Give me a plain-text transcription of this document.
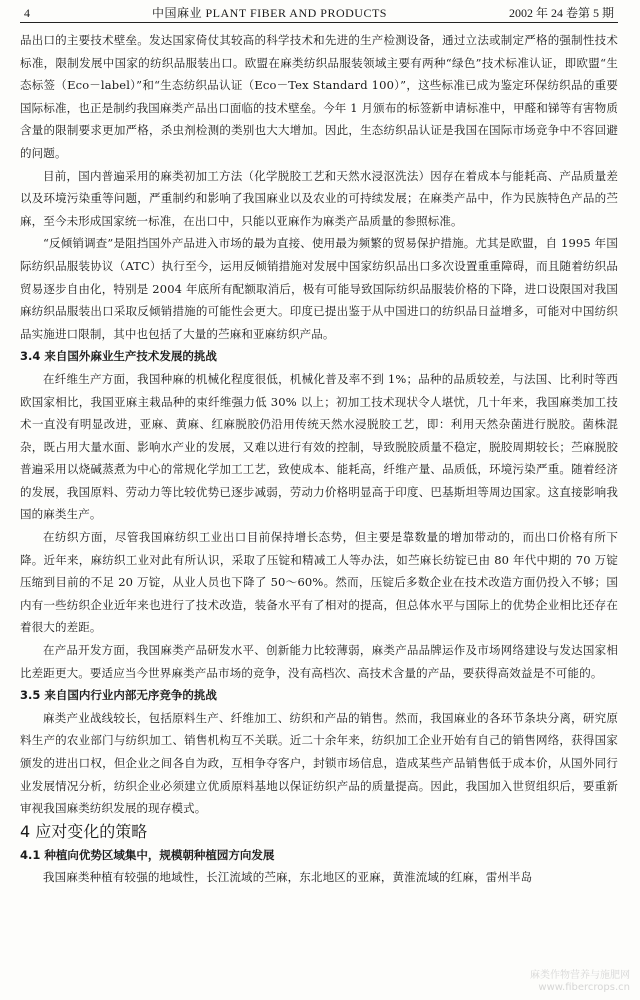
4	中国麻业 PLANT FIBER AND PRODUCTS	2002 年 24 卷第 5 期

品出口的主要技术壁垒。发达国家倚仗其较高的科学技术和先进的生产检测设备，通过立法或制定严格的强制性技术标准，限制发展中国家的纺织品服装出口。欧盟在麻类纺织品服装领域主要有两种“绿色”技术标准认证，即欧盟“生态标签（Eco－label）”和“生态纺织品认证（Eco－Tex Standard 100）”，这些标准已成为鉴定环保纺织品的重要国际标准，也正是制约我国麻类产品出口面临的技术壁垒。今年 1 月颁布的标签新申请标准中，甲醛和锑等有害物质含量的限制要求更加严格，杀虫剂检测的类别也大大增加。因此，生态纺织品认证是我国在国际市场竞争中不容回避的问题。

目前，国内普遍采用的麻类初加工方法（化学脱胶工艺和天然水浸沤洗法）因存在着成本与能耗高、产品质量差以及环境污染重等问题，严重制约和影响了我国麻业以及农业的可持续发展；在麻类产品中，作为民族特色产品的苎麻，至今未形成国家统一标准，在出口中，只能以亚麻作为麻类产品质量的参照标准。

“反倾销调查”是阻挡国外产品进入市场的最为直接、使用最为频繁的贸易保护措施。尤其是欧盟，自 1995 年国际纺织品服装协议（ATC）执行至今，运用反倾销措施对发展中国家纺织品出口多次设置重重障碍，而且随着纺织品贸易逐步自由化，特别是 2004 年底所有配额取消后，极有可能导致国际纺织品服装价格的下降，进口设限国对我国麻纺织品服装出口采取反倾销措施的可能性会更大。印度已提出鉴于从中国进口的纺织品日益增多，可能对中国纺织品实施进口限制，其中也包括了大量的苎麻和亚麻纺织产品。

3.4 来自国外麻业生产技术发展的挑战

在纤维生产方面，我国种麻的机械化程度很低，机械化普及率不到 1%；品种的品质较差，与法国、比利时等西欧国家相比，我国亚麻主栽品种的束纤维强力低 30% 以上；初加工技术现状令人堪忧，几十年来，我国麻类加工技术一直没有明显改进，亚麻、黄麻、红麻脱胶仍沿用传统天然水浸脱胶工艺，即：利用天然杂菌进行脱胶。菌株混杂，既占用大量水面、影响水产业的发展，又难以进行有效的控制，导致脱胶质量不稳定，脱胶周期较长；苎麻脱胶普遍采用以烧碱蒸煮为中心的常规化学加工工艺，致使成本、能耗高，纤维产量、品质低，环境污染严重。随着经济的发展，我国原料、劳动力等比较优势已逐步减弱，劳动力价格明显高于印度、巴基斯坦等周边国家。这直接影响我国的麻类生产。

在纺织方面，尽管我国麻纺织工业出口目前保持增长态势，但主要是靠数量的增加带动的，而出口价格有所下降。近年来，麻纺织工业对此有所认识，采取了压锭和精减工人等办法，如苎麻长纺锭已由 80 年代中期的 70 万锭压缩到目前的不足 20 万锭，从业人员也下降了 50～60%。然而，压锭后多数企业在技术改造方面仍投入不够；国内有一些纺织企业近年来也进行了技术改造，装备水平有了相对的提高，但总体水平与国际上的优势企业相比还存在着很大的差距。

在产品开发方面，我国麻类产品研发水平、创新能力比较薄弱，麻类产品品牌运作及市场网络建设与发达国家相比差距更大。要适应当今世界麻类产品市场的竞争，没有高档次、高技术含量的产品，要获得高效益是不可能的。

3.5 来自国内行业内部无序竞争的挑战

麻类产业战线较长，包括原料生产、纤维加工、纺织和产品的销售。然而，我国麻业的各环节条块分离，研究原料生产的农业部门与纺织加工、销售机构互不关联。近二十余年来，纺织加工企业开始有自己的销售网络，获得国家颁发的进出口权，但企业之间各自为政，互相争夺客户，封锁市场信息，造成某些产品销售低于成本价，从国外同行业发展情况分析，纺织企业必须建立优质原料基地以保证纺织产品的质量提高。因此，我国加入世贸组织后，要重新审视我国麻类纺织发展的现存模式。

4 应对变化的策略
4.1 种植向优势区域集中，规模朝种植园方向发展

我国麻类种植有较强的地域性，长江流域的苎麻，东北地区的亚麻，黄淮流域的红麻，雷州半岛

麻类作物营养与施肥网
www.fibercrops.cn
